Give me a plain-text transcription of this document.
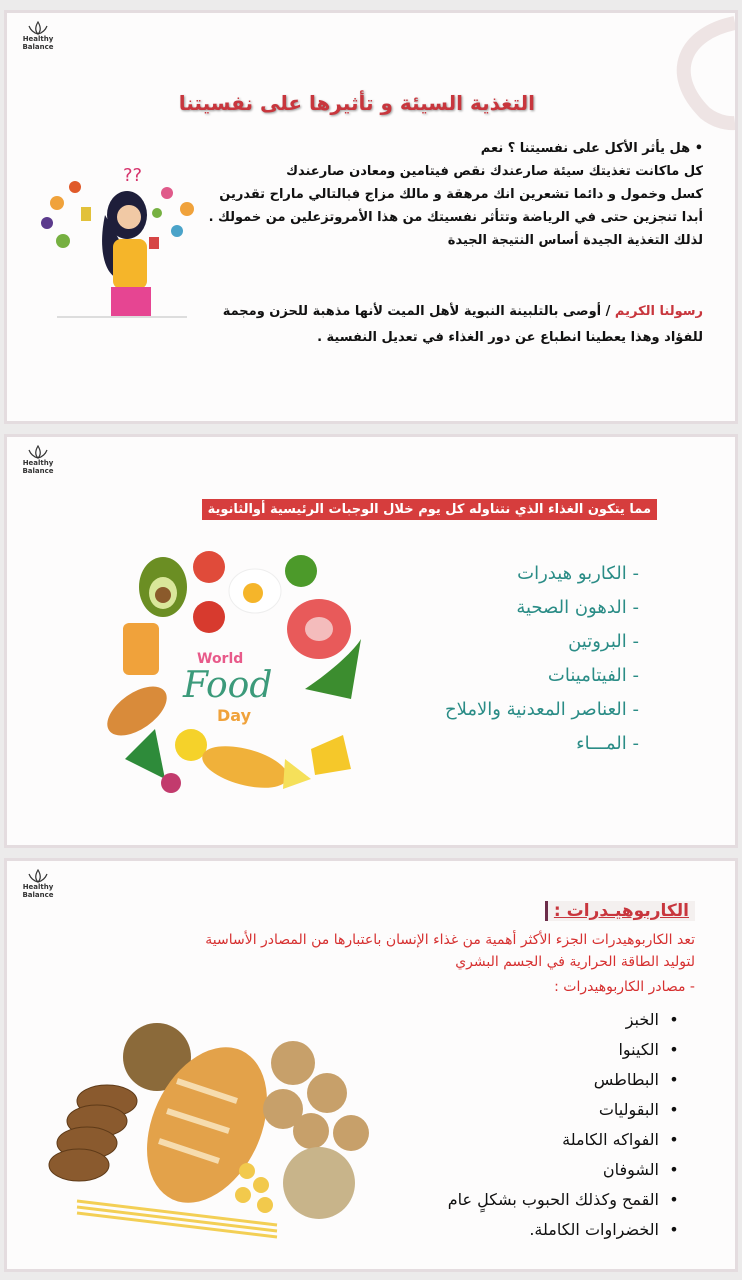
Healthy
Balance
التغذية السيئة و تأثيرها على نفسيتنا
??

• هل يأثر الأكل على نفسيتنا ؟ نعم

كل ماكانت تغذيتك سيئة صارعندك نقص فيتامين ومعادن صارعندك

كسل وخمول و دائما تشعرين انك مرهقة و مالك مزاج فبالتالي ماراح تقدرين

أبدا تنجزين حتى في الرياضة وتتأثر نفسيتك من هذا الأمروتزعلين من خمولك .

لذلك التغذية الجيدة أساس النتيجة الجيدة

رسولنا الكريم / أوصى بالتلبينة النبوية لأهل الميت لأنها مذهبة للحزن ومجمة
للفؤاد وهذا يعطينا انطباع عن دور الغذاء في تعديل النفسية .
Healthy
Balance
مما يتكون الغذاء الذي نتناوله كل يوم خلال الوجبات الرئيسية أوالثانوية
World
Food
Day
- الكاربو هيدرات
- الدهون الصحية
- البروتين
- الفيتامينات
- العناصر المعدنية والاملاح
- المـــاء
Healthy
Balance
الكاربوهيـدرات :
تعد الكاربوهيدرات الجزء الأكثر أهمية من غذاء الإنسان باعتبارها من المصادر الأساسية
لتوليد الطاقة الحرارية في الجسم البشري
- مصادر الكاربوهيدرات :
• الخبز
• الكينوا
• البطاطس
• البقوليات
• الفواكه الكاملة
• الشوفان
• القمح وكذلك الحبوب بشكلٍ عام
• الخضراوات الكاملة.
